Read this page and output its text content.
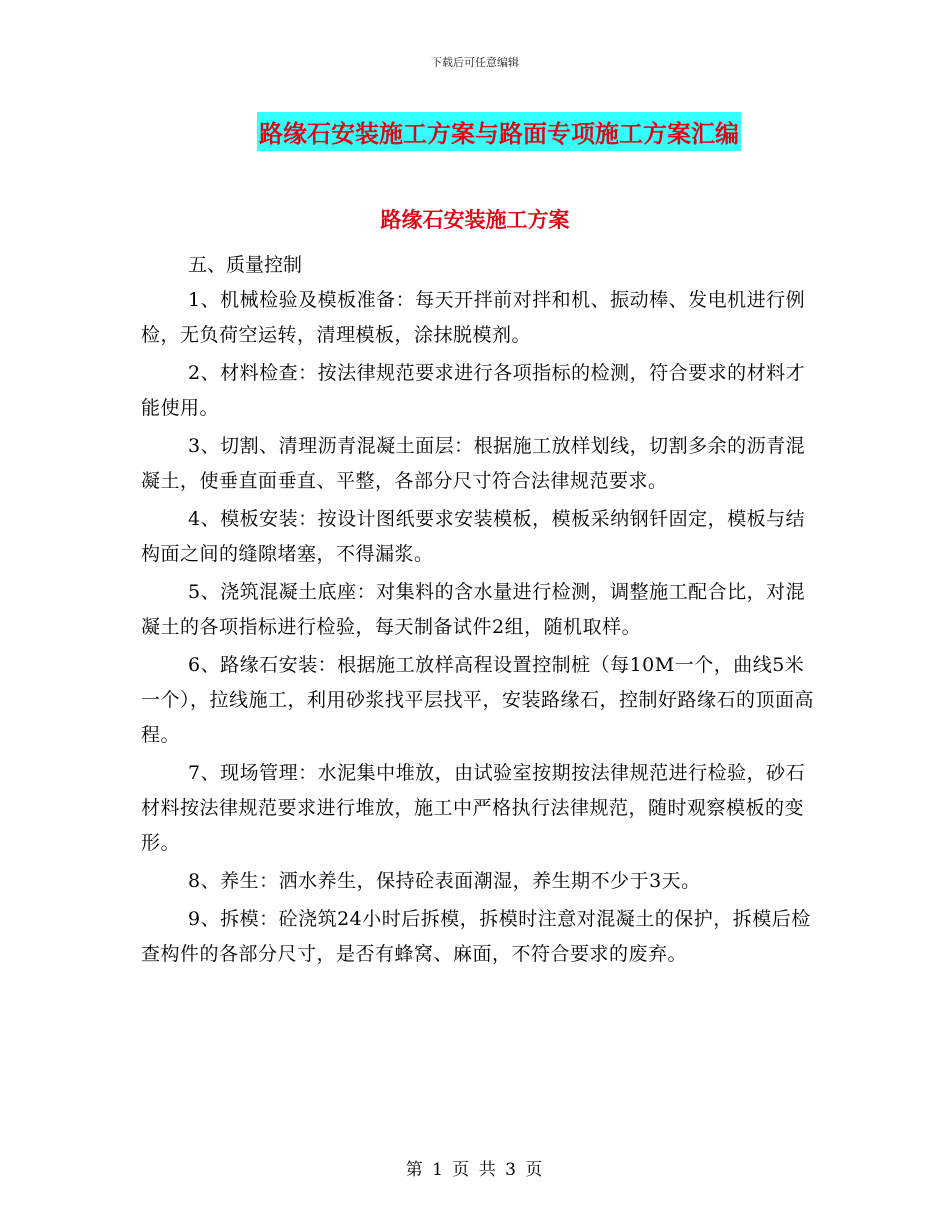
下载后可任意编辑
路缘石安装施工方案与路面专项施工方案汇编
路缘石安装施工方案

五、质量控制

1、机械检验及模板准备：每天开拌前对拌和机、振动棒、发电机进行例检，无负荷空运转，清理模板，涂抹脱模剂。

2、材料检查：按法律规范要求进行各项指标的检测，符合要求的材料才能使用。

3、切割、清理沥青混凝土面层：根据施工放样划线，切割多余的沥青混凝土，使垂直面垂直、平整，各部分尺寸符合法律规范要求。

4、模板安装：按设计图纸要求安装模板，模板采纳钢钎固定，模板与结构面之间的缝隙堵塞，不得漏浆。

5、浇筑混凝土底座：对集料的含水量进行检测，调整施工配合比，对混凝土的各项指标进行检验，每天制备试件2组，随机取样。

6、路缘石安装：根据施工放样高程设置控制桩（每10M一个，曲线5米一个），拉线施工，利用砂浆找平层找平，安装路缘石，控制好路缘石的顶面高程。

7、现场管理：水泥集中堆放，由试验室按期按法律规范进行检验，砂石材料按法律规范要求进行堆放，施工中严格执行法律规范，随时观察模板的变形。

8、养生：洒水养生，保持砼表面潮湿，养生期不少于3天。

9、拆模：砼浇筑24小时后拆模，拆模时注意对混凝土的保护，拆模后检查构件的各部分尺寸，是否有蜂窝、麻面，不符合要求的废弃。

第 1 页 共 3 页
